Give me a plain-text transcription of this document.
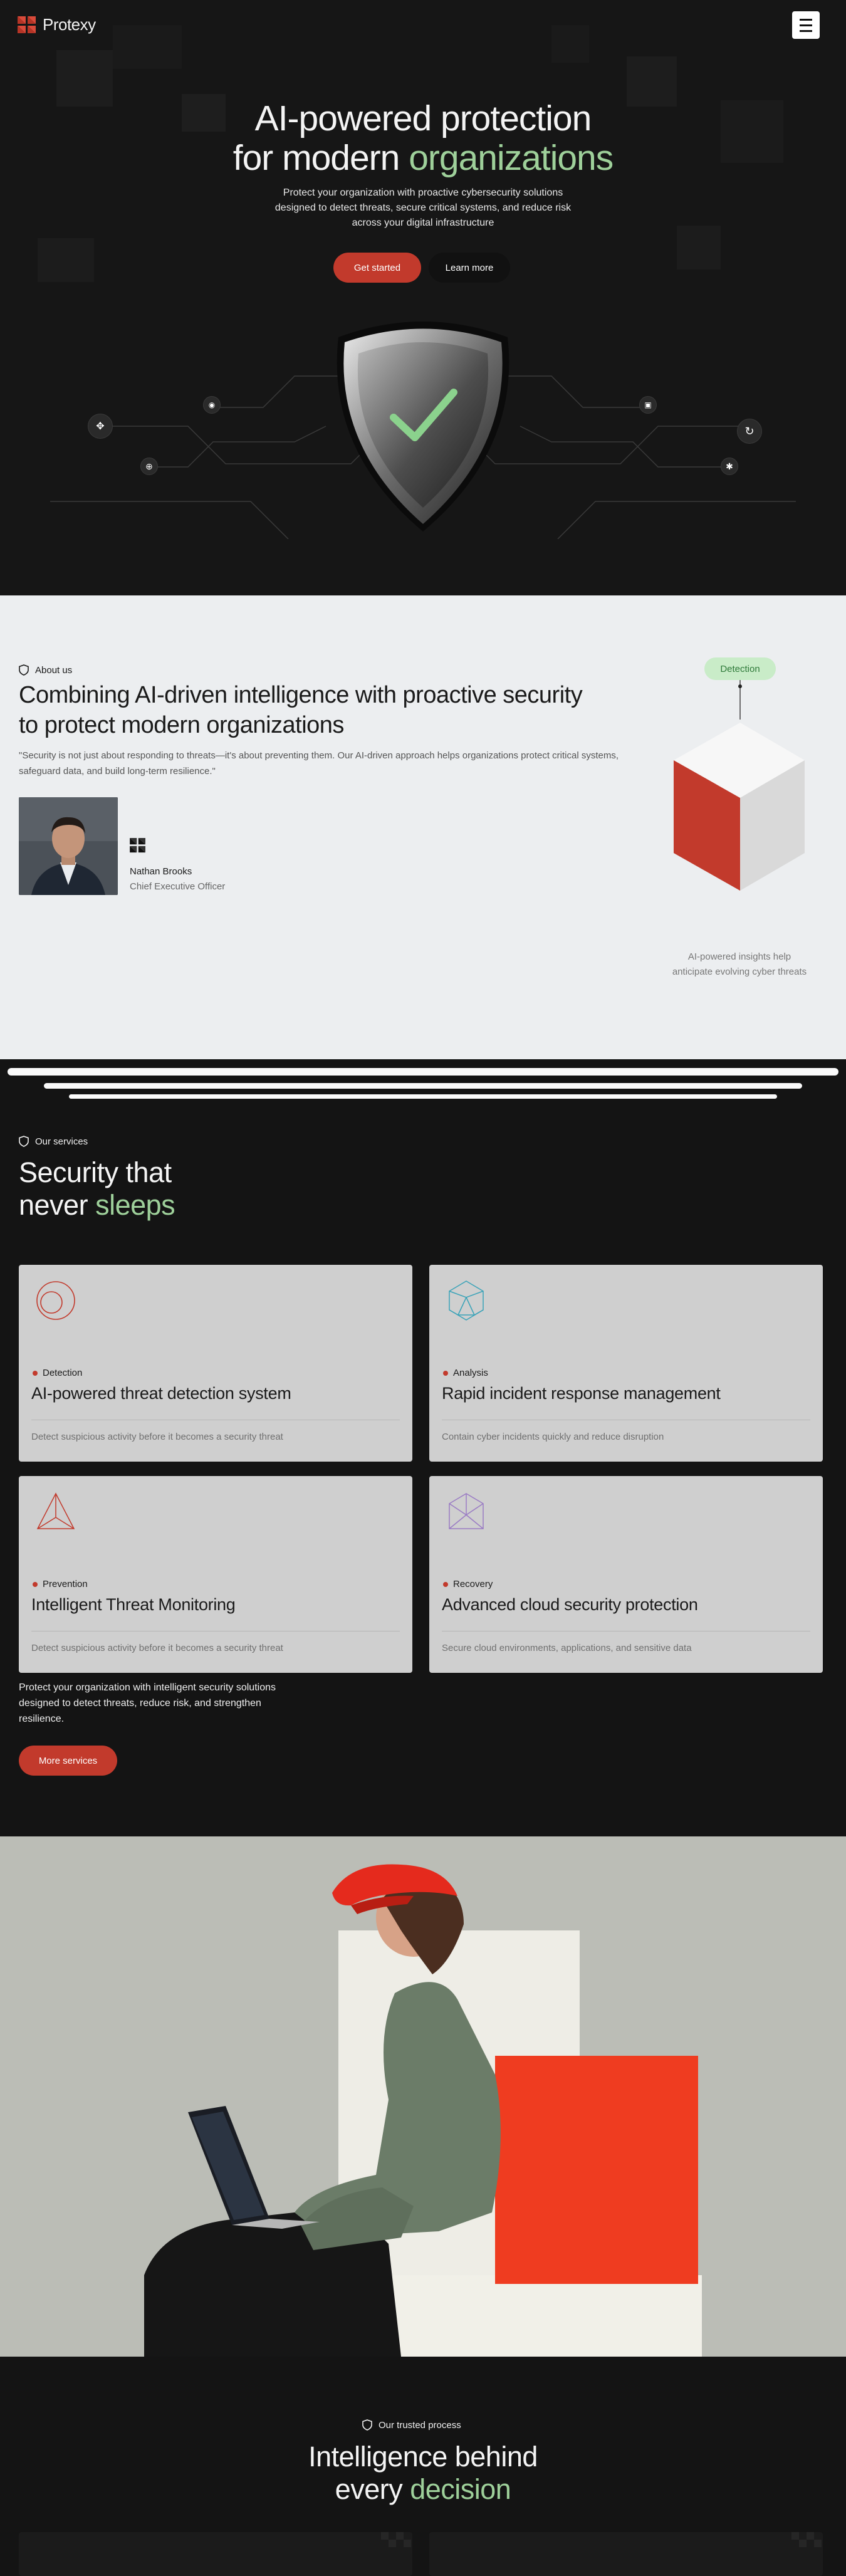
✥
◉
⊕
▣
↻
✱
AI-powered protection
for modern organizations

Protect your organization with proactive cybersecurity solutions designed to detect threats, secure critical systems, and reduce risk across your digital infrastructure

Get started	Learn more
Protexy
About us
Combining AI-driven intelligence with proactive security to protect modern organizations

"Security is not just about responding to threats—it's about preventing them. Our AI-driven approach helps organizations protect critical systems, safeguard data, and build long-term resilience."

Nathan Brooks
Chief Executive Officer
Detection

AI-powered insights help anticipate evolving cyber threats

Our services
Security that
never sleeps
Detection
AI-powered threat detection system
Detect suspicious activity before it becomes a security threat
Analysis
Rapid incident response management
Contain cyber incidents quickly and reduce disruption
Prevention
Intelligent Threat Monitoring
Detect suspicious activity before it becomes a security threat
Recovery
Advanced cloud security protection
Secure cloud environments, applications, and sensitive data

Protect your organization with intelligent security solutions designed to detect threats, reduce risk, and strengthen resilience.

More services
Our trusted process
Intelligence behind
every decision
